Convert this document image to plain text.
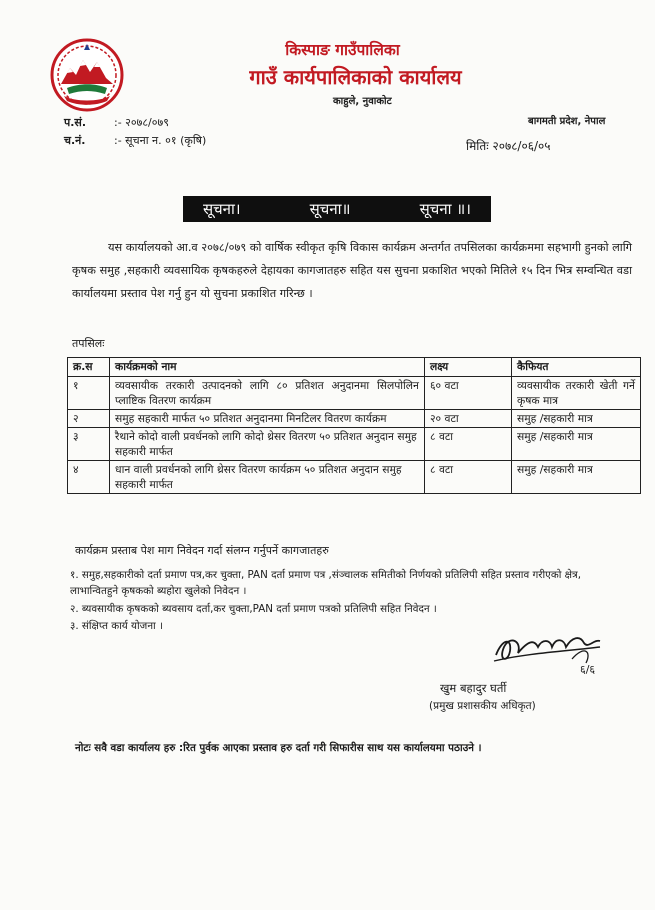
किस्पाङ गाउँपालिका
गाउँ कार्यपालिकाको कार्यालय
काहुले, नुवाकोट
बागमती प्रदेश, नेपाल
प.सं.	:- २०७८/०७९
च.नं.	:- सूचना न. ०१ (कृषि)	मितिः २०७८/०६/०५
सूचना।	सूचना॥	सूचना ॥।
यस कार्यालयको आ.व २०७८/०७९ को वार्षिक स्वीकृत कृषि विकास कार्यक्रम अन्तर्गत तपसिलका कार्यक्रममा सहभागी हुनको लागि कृषक समुह ,सहकारी व्यवसायिक कृषकहरुले देहायका कागजातहरु सहित यस सुचना प्रकाशित भएको मितिले १५ दिन भित्र सम्वन्धित वडा कार्यालयमा प्रस्ताव पेश गर्नु हुन यो सुचना प्रकाशित गरिन्छ ।
तपसिलः
क्र.स	कार्यक्रमको नाम	लक्ष्य	कैफियत
१	व्यवसायीक तरकारी उत्पादनको लागि ८० प्रतिशत अनुदानमा सिलपोलिन प्लाष्टिक वितरण कार्यक्रम	६० वटा	व्यवसायीक तरकारी खेती गर्ने कृषक मात्र
२	समुह सहकारी मार्फत ५० प्रतिशत अनुदानमा मिनटिलर वितरण कार्यक्रम	२० वटा	समुह /सहकारी मात्र
३	रैथाने कोदो वाली प्रवर्धनको लागि कोदो थ्रेसर वितरण ५० प्रतिशत अनुदान समुह सहकारी मार्फत	८ वटा	समुह /सहकारी मात्र
४	धान वाली प्रवर्धनको लागि थ्रेसर वितरण कार्यक्रम ५० प्रतिशत अनुदान समुह सहकारी मार्फत	८ वटा	समुह /सहकारी मात्र
कार्यक्रम प्रस्ताब पेश माग निवेदन गर्दा संलग्न गर्नुपर्ने कागजातहरु
१. समुह,सहकारीको दर्ता प्रमाण पत्र,कर चुक्ता, PAN दर्ता प्रमाण पत्र ,संञ्चालक समितीको निर्णयको प्रतिलिपी सहित प्रस्ताव गरीएको क्षेत्र, लाभान्वितहुने कृषकको ब्यहोरा खुलेको निवेदन ।
२. ब्यवसायीक कृषकको ब्यवसाय दर्ता,कर चुक्ता,PAN दर्ता प्रमाण पत्रको प्रतिलिपी सहित निवेदन ।
३. संक्षिप्त कार्य योजना ।
६/६
खुम बहादुर घर्ती
(प्रमुख प्रशासकीय अधिकृत)
नोटः सवै वडा कार्यालय हरु :रित पुर्वक आएका प्रस्ताव हरु दर्ता गरी सिफारीस साथ यस कार्यालयमा पठाउने ।
